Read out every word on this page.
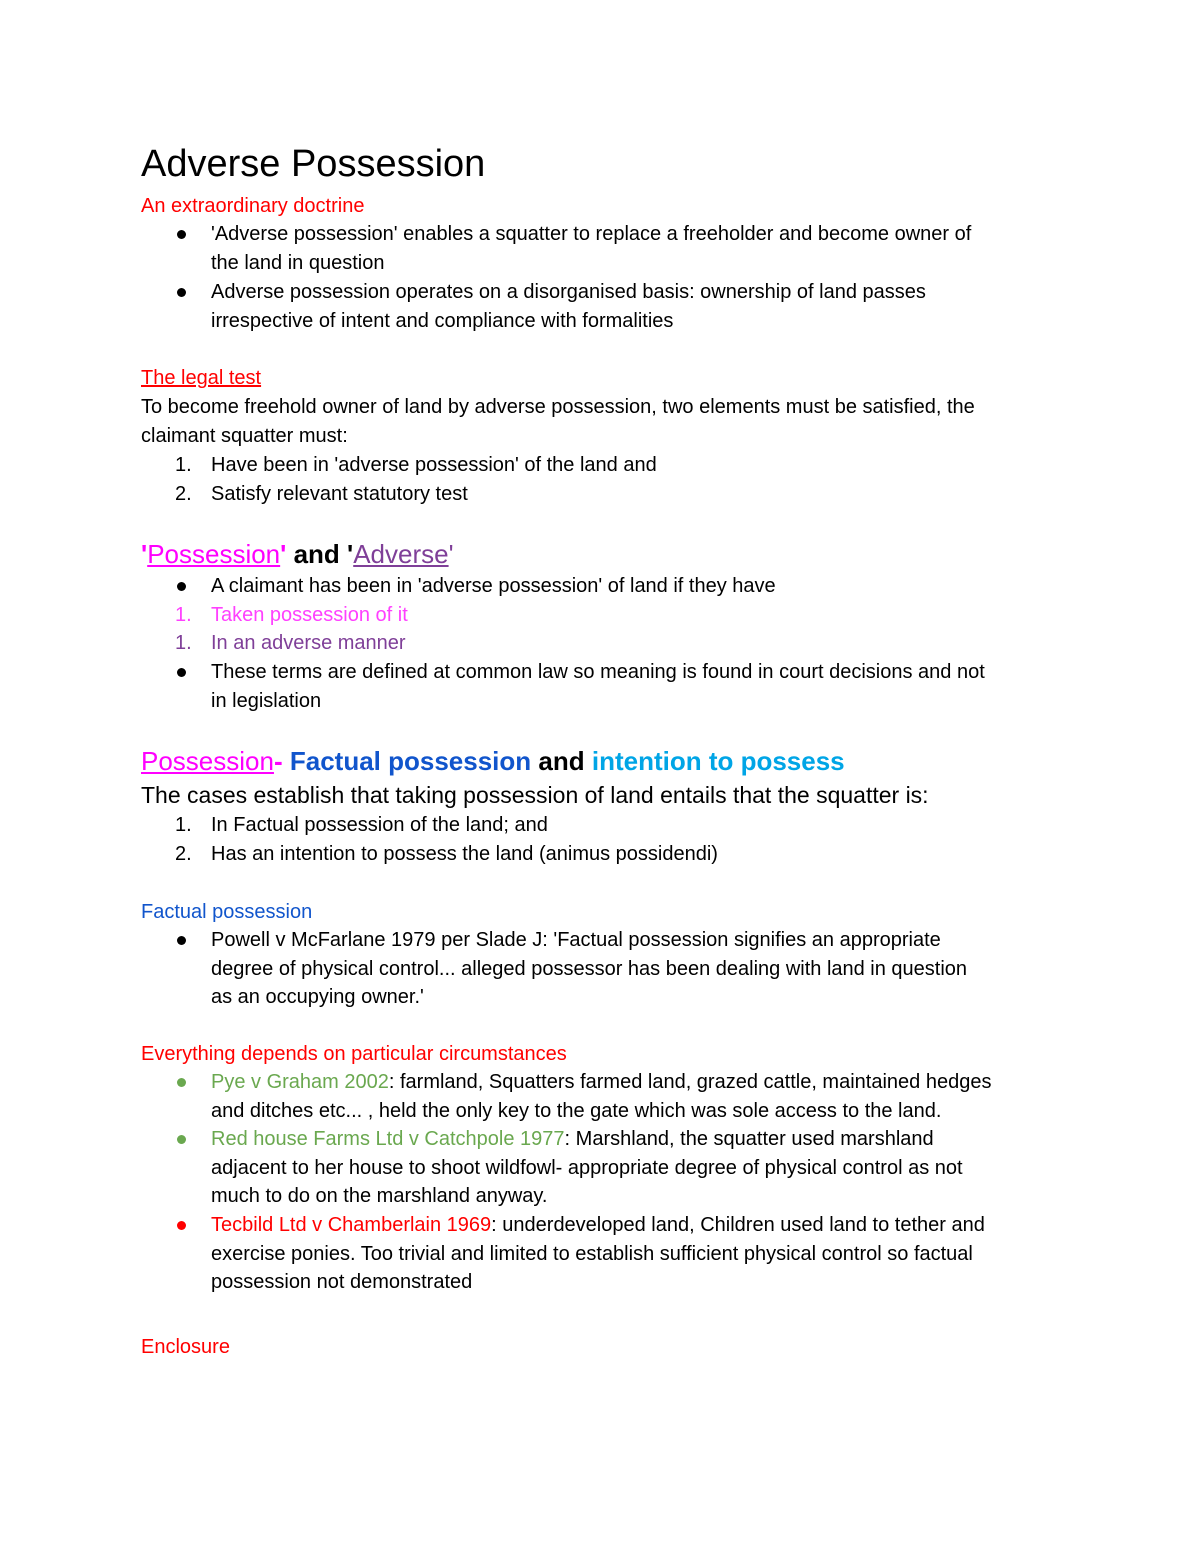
Adverse Possession
An extraordinary doctrine
'Adverse possession' enables a squatter to replace a freeholder and become owner of
the land in question
Adverse possession operates on a disorganised basis: ownership of land passes
irrespective of intent and compliance with formalities
The legal test
To become freehold owner of land by adverse possession, two elements must be satisfied, the
claimant squatter must:
1. Have been in 'adverse possession' of the land and
2. Satisfy relevant statutory test
'Possession' and 'Adverse'
A claimant has been in 'adverse possession' of land if they have
1. Taken possession of it
1. In an adverse manner
These terms are defined at common law so meaning is found in court decisions and not
in legislation
Possession- Factual possession and intention to possess
The cases establish that taking possession of land entails that the squatter is:
1. In Factual possession of the land; and
2. Has an intention to possess the land (animus possidendi)
Factual possession
Powell v McFarlane 1979 per Slade J: 'Factual possession signifies an appropriate
degree of physical control... alleged possessor has been dealing with land in question
as an occupying owner.'
Everything depends on particular circumstances
Pye v Graham 2002: farmland, Squatters farmed land, grazed cattle, maintained hedges
and ditches etc... , held the only key to the gate which was sole access to the land.
Red house Farms Ltd v Catchpole 1977: Marshland, the squatter used marshland
adjacent to her house to shoot wildfowl- appropriate degree of physical control as not
much to do on the marshland anyway.
Tecbild Ltd v Chamberlain 1969: underdeveloped land, Children used land to tether and
exercise ponies. Too trivial and limited to establish sufficient physical control so factual
possession not demonstrated
Enclosure
